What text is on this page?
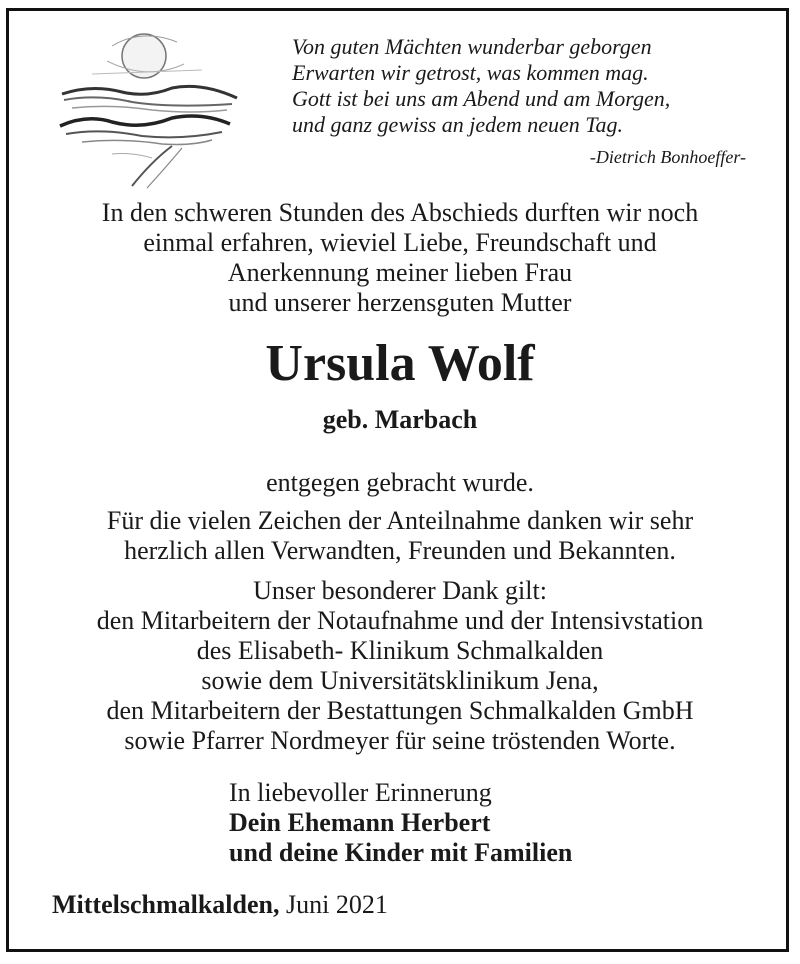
Von guten Mächten wunderbar geborgen
Erwarten wir getrost, was kommen mag.
Gott ist bei uns am Abend und am Morgen,
und ganz gewiss an jedem neuen Tag.
-Dietrich Bonhoeffer-
In den schweren Stunden des Abschieds durften wir noch
einmal erfahren, wieviel Liebe, Freundschaft und
Anerkennung meiner lieben Frau
und unserer herzensguten Mutter
Ursula Wolf
geb. Marbach
entgegen gebracht wurde.
Für die vielen Zeichen der Anteilnahme danken wir sehr
herzlich allen Verwandten, Freunden und Bekannten.
Unser besonderer Dank gilt:
den Mitarbeitern der Notaufnahme und der Intensivstation
des Elisabeth- Klinikum Schmalkalden
sowie dem Universitätsklinikum Jena,
den Mitarbeitern der Bestattungen Schmalkalden GmbH
sowie Pfarrer Nordmeyer für seine tröstenden Worte.
In liebevoller Erinnerung
Dein Ehemann Herbert
und deine Kinder mit Familien
Mittelschmalkalden, Juni 2021
